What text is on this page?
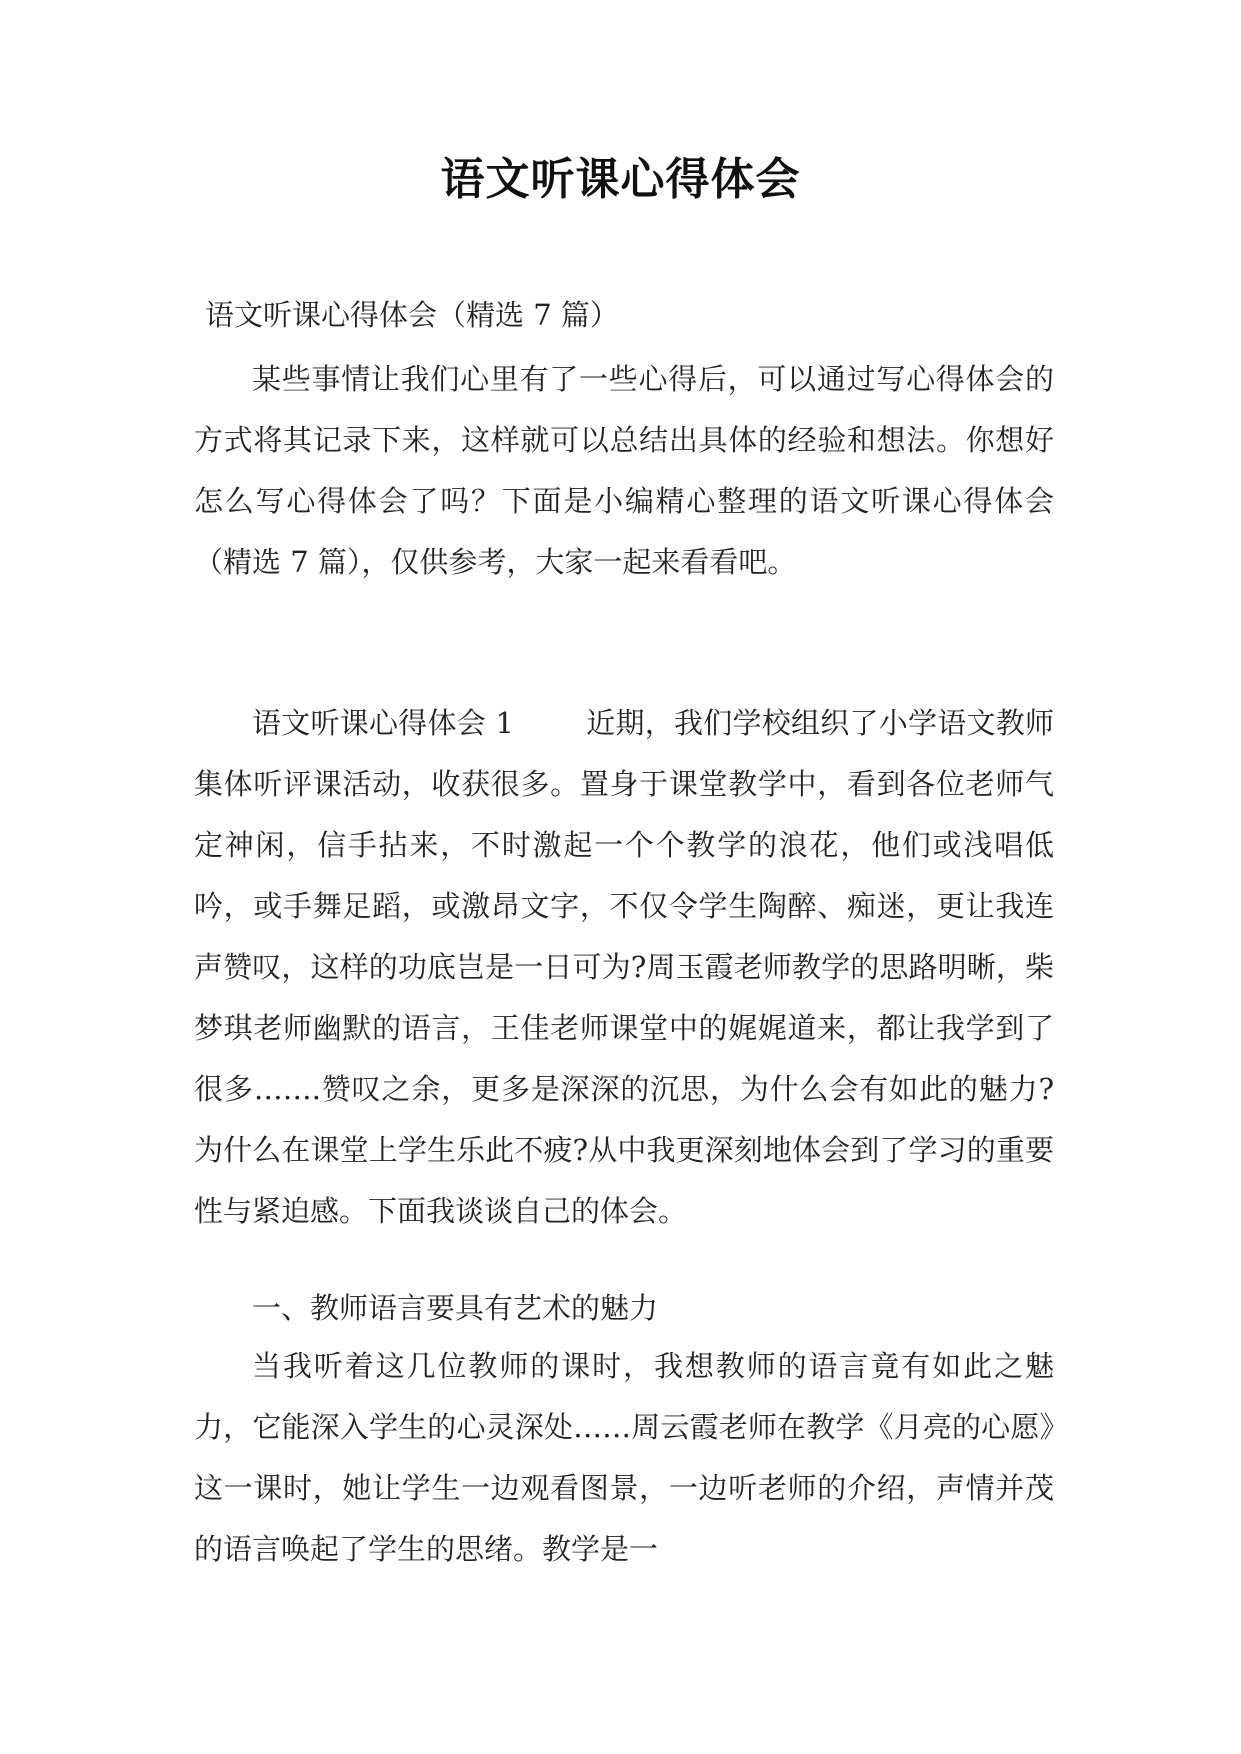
语文听课心得体会
语文听课心得体会（精选 7 篇）

某些事情让我们心里有了一些心得后，可以通过写心得体会的方式将其记录下来，这样就可以总结出具体的经验和想法。你想好怎么写心得体会了吗？下面是小编精心整理的语文听课心得体会（精选 7 篇），仅供参考，大家一起来看看吧。

语文听课心得体会 1 近期，我们学校组织了小学语文教师集体听评课活动，收获很多。置身于课堂教学中，看到各位老师气定神闲，信手拈来，不时激起一个个教学的浪花，他们或浅唱低吟，或手舞足蹈，或激昂文字，不仅令学生陶醉、痴迷，更让我连声赞叹，这样的功底岂是一日可为?周玉霞老师教学的思路明晰，柴梦琪老师幽默的语言，王佳老师课堂中的娓娓道来，都让我学到了很多…….赞叹之余，更多是深深的沉思，为什么会有如此的魅力?为什么在课堂上学生乐此不疲?从中我更深刻地体会到了学习的重要性与紧迫感。下面我谈谈自己的体会。

一、教师语言要具有艺术的魅力

当我听着这几位教师的课时，我想教师的语言竟有如此之魅力，它能深入学生的心灵深处……周云霞老师在教学《月亮的心愿》这一课时，她让学生一边观看图景，一边听老师的介绍，声情并茂的语言唤起了学生的思绪。教学是一
